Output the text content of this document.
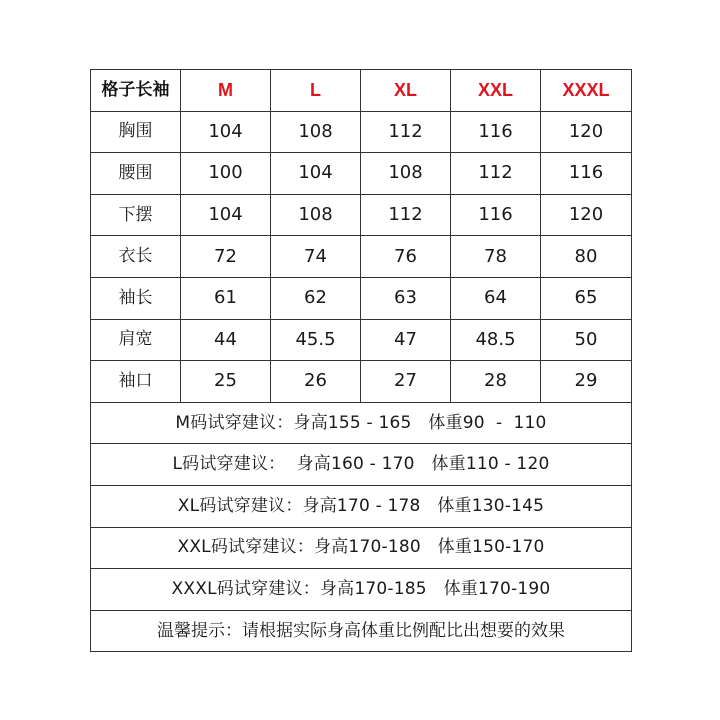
格子长袖	M	L	XL	XXL	XXXL
胸围	104	108	112	116	120
腰围	100	104	108	112	116
下摆	104	108	112	116	120
衣长	72	74	76	78	80
袖长	61	62	63	64	65
肩宽	44	45.5	47	48.5	50
袖口	25	26	27	28	29
M码试穿建议：身高155 - 165   体重90  -  110					
L码试穿建议：  身高160 - 170   体重110 - 120					
XL码试穿建议：身高170 - 178   体重130-145					
XXL码试穿建议：身高170-180   体重150-170					
XXXL码试穿建议：身高170-185   体重170-190					
温馨提示：请根据实际身高体重比例配比出想要的效果					
